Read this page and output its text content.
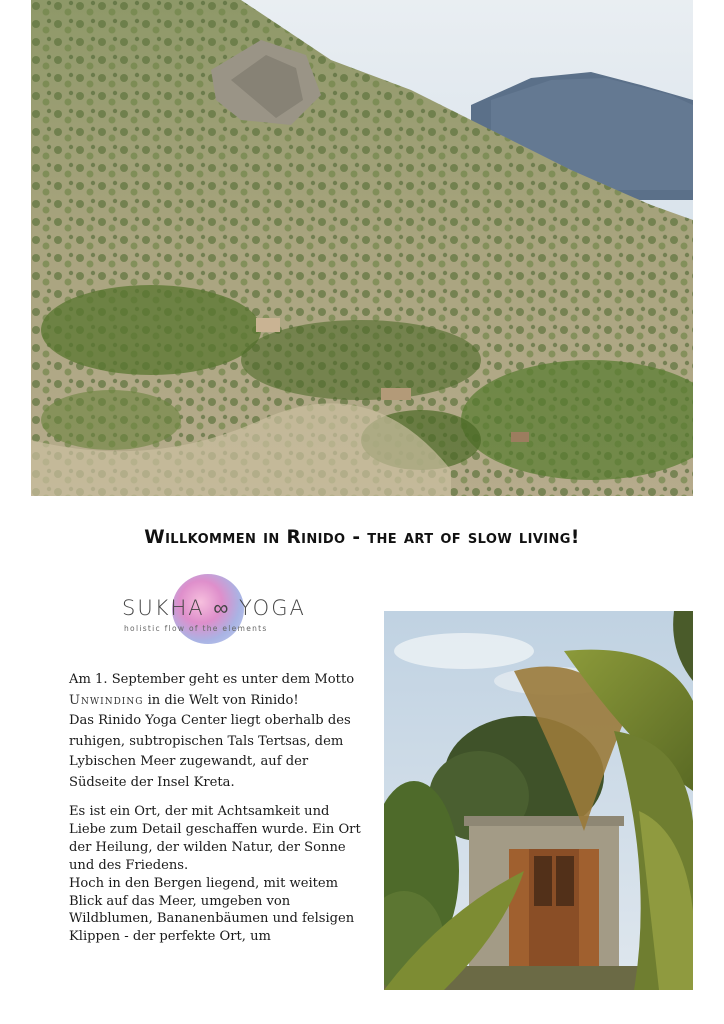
Willkommen in Rinido - the art of slow living!
SUKHA ∞ YOGA
holistic flow of the elements
Am 1. September geht es unter dem Motto
Unwinding in die Welt von Rinido!
Das Rinido Yoga Center liegt oberhalb des
ruhigen, subtropischen Tals Tertsas, dem
Lybischen Meer zugewandt, auf der
Südseite der Insel Kreta.
Es ist ein Ort, der mit Achtsamkeit und
Liebe zum Detail geschaffen wurde. Ein Ort
der Heilung, der wilden Natur, der Sonne
und des Friedens.
Hoch in den Bergen liegend, mit weitem
Blick auf das Meer, umgeben von
Wildblumen, Bananenbäumen und felsigen
Klippen - der perfekte Ort, um
